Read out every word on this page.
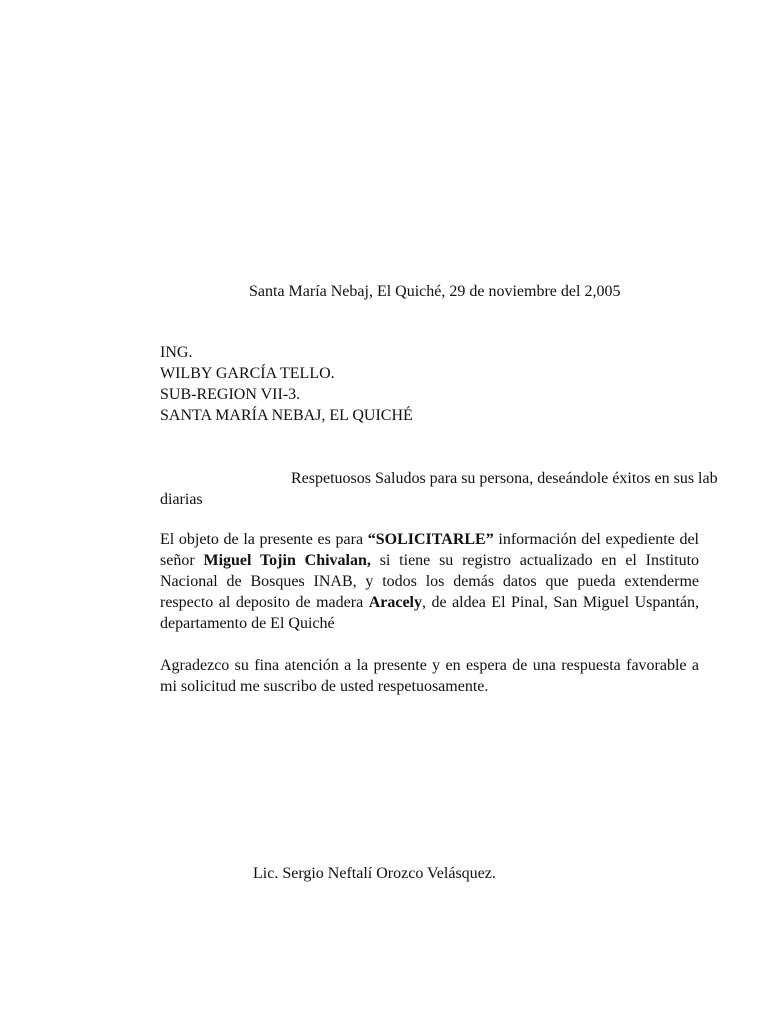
Santa María Nebaj, El Quiché, 29 de noviembre del 2,005
ING.
WILBY GARCÍA TELLO.
SUB-REGION VII-3.
SANTA MARÍA NEBAJ, EL QUICHÉ
Respetuosos Saludos para su persona, deseándole éxitos en sus lab
diarias
El objeto de la presente es para “SOLICITARLE” información del expediente del señor Miguel Tojin Chivalan, si tiene su registro actualizado en el Instituto Nacional de Bosques INAB, y todos los demás datos que pueda extenderme respecto al deposito de madera Aracely, de aldea El Pinal, San Miguel Uspantán, departamento de El Quiché
Agradezco su fina atención a la presente y en espera de una respuesta favorable a mi solicitud me suscribo de usted respetuosamente.
Lic. Sergio Neftalí Orozco Velásquez.
